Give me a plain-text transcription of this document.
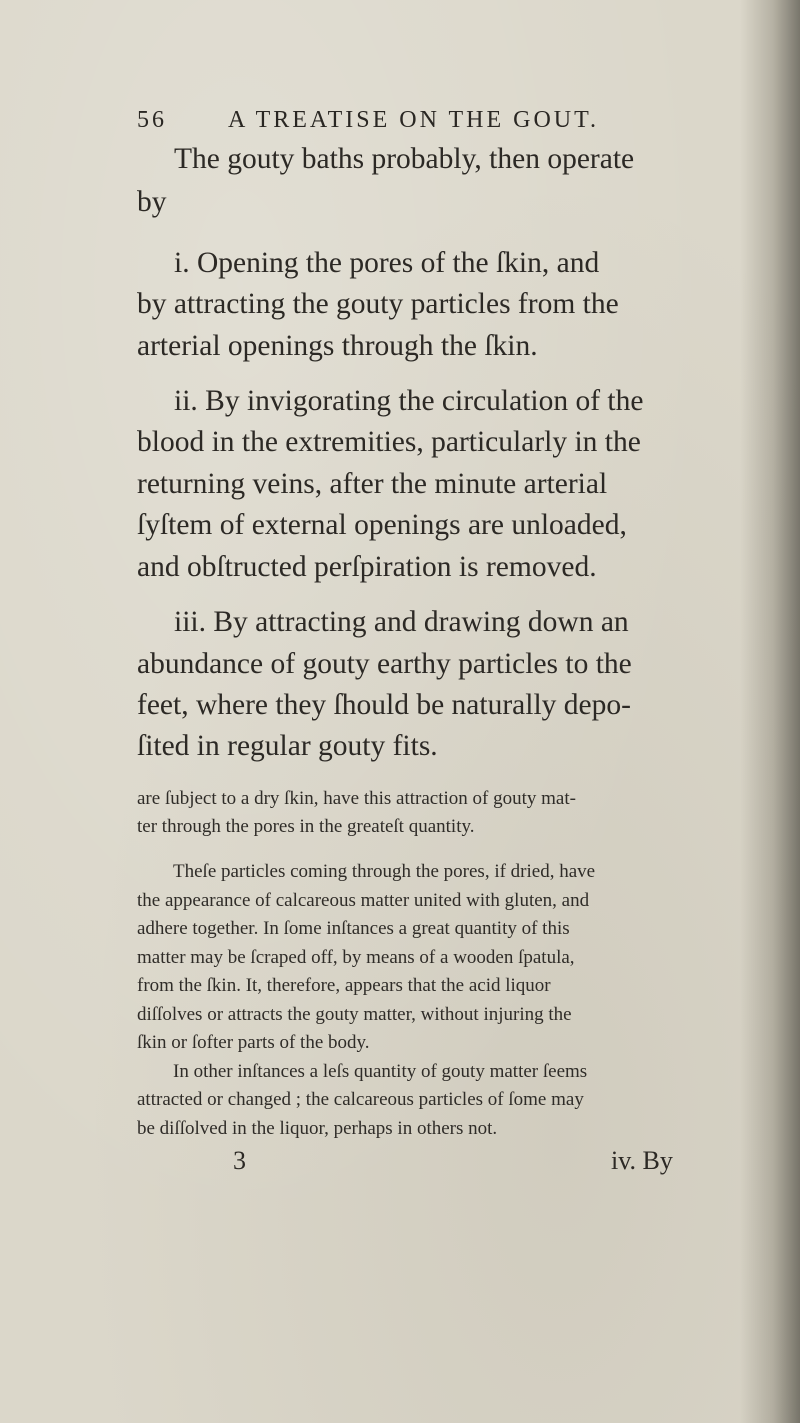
56	A TREATISE ON THE GOUT.
The gouty baths probably, then operate
by
i. Opening the pores of the ſkin, and
by attracting the gouty particles from the
arterial openings through the ſkin.
ii. By invigorating the circulation of the
blood in the extremities, particularly in the
returning veins, after the minute arterial
ſyſtem of external openings are unloaded,
and obſtructed perſpiration is removed.
iii. By attracting and drawing down an
abundance of gouty earthy particles to the
feet, where they ſhould be naturally depo-
ſited in regular gouty fits.
are ſubject to a dry ſkin, have this attraction of gouty mat-
ter through the pores in the greateſt quantity.
Theſe particles coming through the pores, if dried, have
the appearance of calcareous matter united with gluten, and
adhere together. In ſome inſtances a great quantity of this
matter may be ſcraped off, by means of a wooden ſpatula,
from the ſkin. It, therefore, appears that the acid liquor
diſſolves or attracts the gouty matter, without injuring the
ſkin or ſofter parts of the body.
In other inſtances a leſs quantity of gouty matter ſeems
attracted or changed ; the calcareous particles of ſome may
be diſſolved in the liquor, perhaps in others not.
3	iv. By
